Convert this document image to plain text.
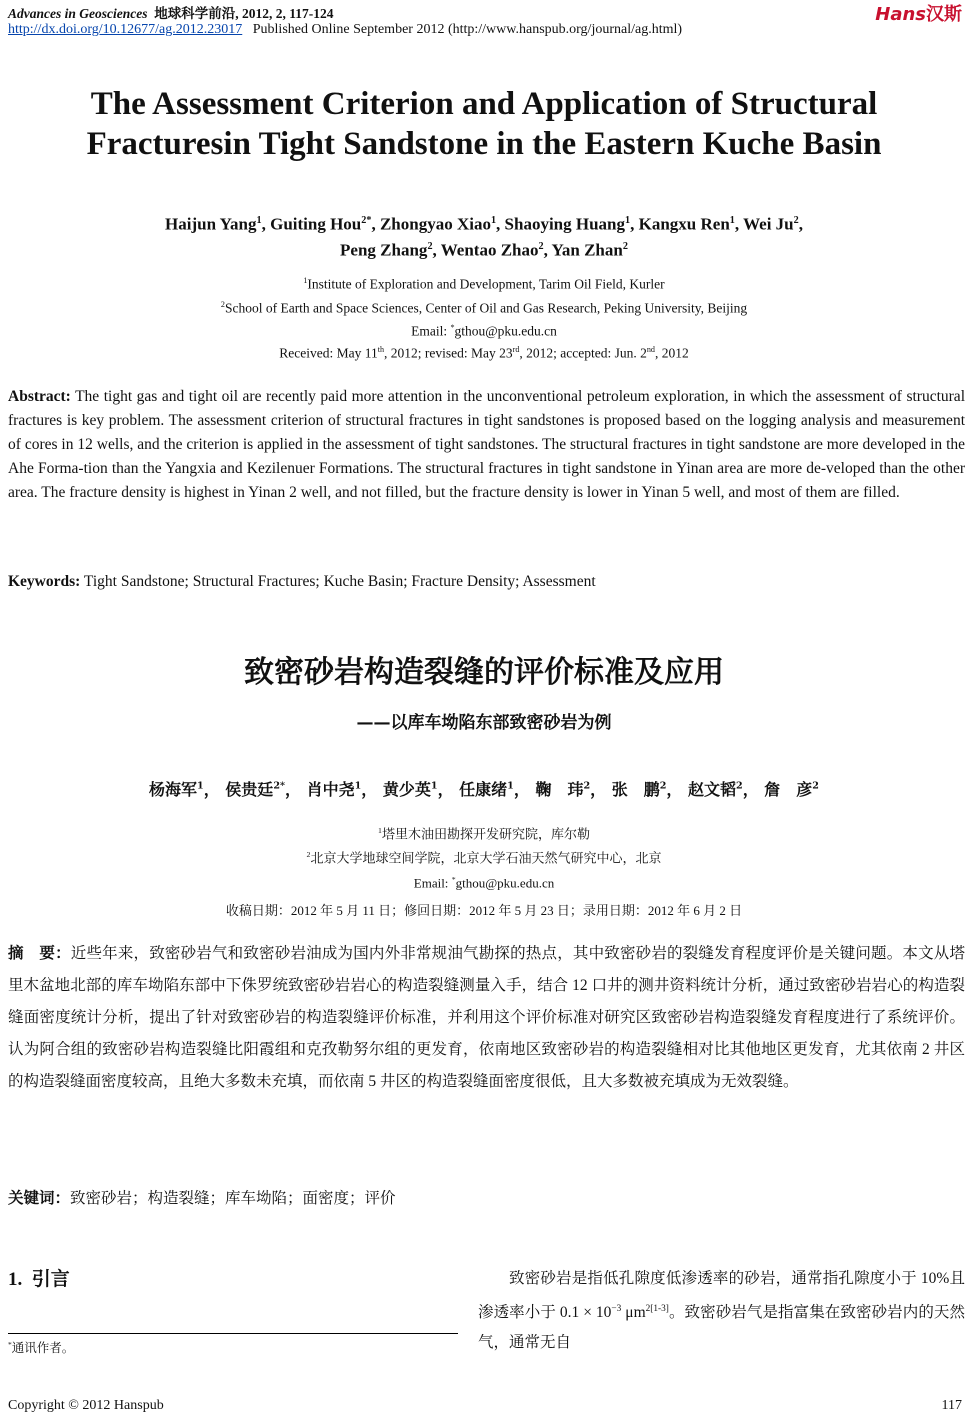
Advances in Geosciences 地球科学前沿, 2012, 2, 117-124	Hans汉斯
http://dx.doi.org/10.12677/ag.2012.23017 Published Online September 2012 (http://www.hanspub.org/journal/ag.html)
The Assessment Criterion and Application of Structural
Fracturesin Tight Sandstone in the Eastern Kuche Basin
Haijun Yang$^1$, Guiting Hou$^{2*}$, Zhongyao Xiao$^1$, Shaoying Huang$^1$, Kangxu Ren$^1$, Wei Ju$^2$,
Peng Zhang$^2$, Wentao Zhao$^2$, Yan Zhan$^2$
$^1$Institute of Exploration and Development, Tarim Oil Field, Kurler
$^2$School of Earth and Space Sciences, Center of Oil and Gas Research, Peking University, Beijing
Email: *gthou@pku.edu.cn
Received: May 11th, 2012; revised: May 23rd, 2012; accepted: Jun. 2nd, 2012
Abstract: The tight gas and tight oil are recently paid more attention in the unconventional petroleum exploration, in which the assessment of structural fractures is key problem. The assessment criterion of structural fractures in tight sandstones is proposed based on the logging analysis and measurement of cores in 12 wells, and the criterion is applied in the assessment of tight sandstones. The structural fractures in tight sandstone are more developed in the Ahe Forma-tion than the Yangxia and Kezilenuer Formations. The structural fractures in tight sandstone in Yinan area are more de-veloped than the other area. The fracture density is highest in Yinan 2 well, and not filled, but the fracture density is lower in Yinan 5 well, and most of them are filled.
Keywords: Tight Sandstone; Structural Fractures; Kuche Basin; Fracture Density; Assessment
致密砂岩构造裂缝的评价标准及应用
——以库车坳陷东部致密砂岩为例
杨海军$^1$， 侯贵廷$^{2*}$， 肖中尧$^1$， 黄少英$^1$， 任康绪$^1$， 鞠　玮$^2$， 张　鹏$^2$， 赵文韬$^2$， 詹　彦$^2$
$^1$塔里木油田勘探开发研究院，库尔勒
$^2$北京大学地球空间学院，北京大学石油天然气研究中心，北京
Email: *gthou@pku.edu.cn
收稿日期：2012 年 5 月 11 日；修回日期：2012 年 5 月 23 日；录用日期：2012 年 6 月 2 日
摘　要：近些年来，致密砂岩气和致密砂岩油成为国内外非常规油气勘探的热点，其中致密砂岩的裂缝发育程度评价是关键问题。本文从塔里木盆地北部的库车坳陷东部中下侏罗统致密砂岩岩心的构造裂缝测量入手，结合 12 口井的测井资料统计分析，通过致密砂岩岩心的构造裂缝面密度统计分析，提出了针对致密砂岩的构造裂缝评价标准，并利用这个评价标准对研究区致密砂岩构造裂缝发育程度进行了系统评价。认为阿合组的致密砂岩构造裂缝比阳霞组和克孜勒努尔组的更发育，依南地区致密砂岩的构造裂缝相对比其他地区更发育，尤其依南 2 井区的构造裂缝面密度较高，且绝大多数未充填，而依南 5 井区的构造裂缝面密度很低，且大多数被充填成为无效裂缝。
关键词：致密砂岩；构造裂缝；库车坳陷；面密度；评价
1. 引言	致密砂岩是指低孔隙度低渗透率的砂岩，通常指孔隙度小于 10%且渗透率小于 $0.1 \times 10^{-3}$ $\mu m^{2[1-3]}$。致密砂岩气是指富集在致密砂岩内的天然气，通常无自

*通讯作者。
Copyright © 2012 Hanspub	117
